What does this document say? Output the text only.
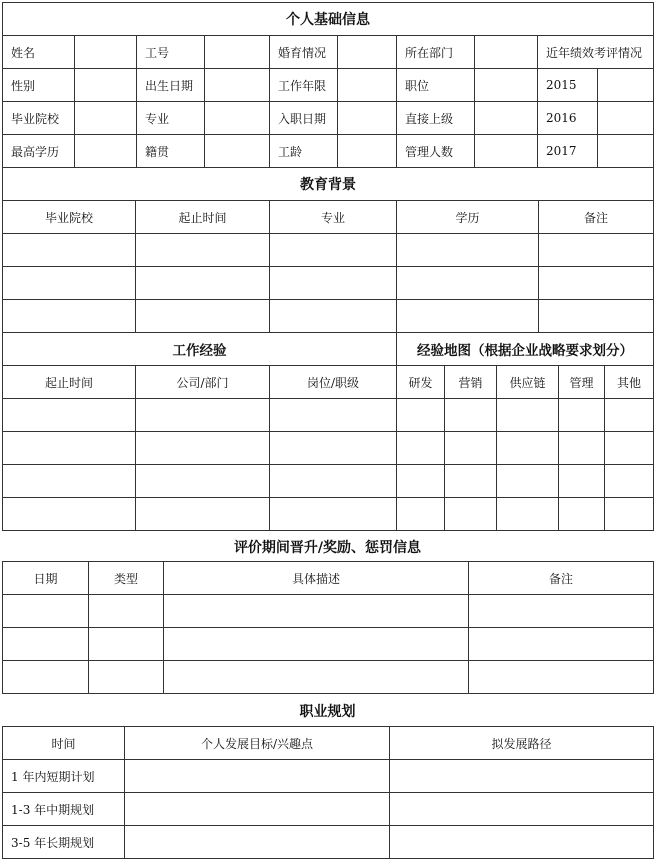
个人基础信息									
姓名		工号		婚育情况		所在部门		近年绩效考评情况	
性别		出生日期		工作年限		职位		2015	
毕业院校		专业		入职日期		直接上级		2016	
最高学历		籍贯		工龄		管理人数		2017	
教育背景				
毕业院校	起止时间	专业	学历	备注

工作经验			经验地图（根据企业战略要求划分）				
起止时间	公司/部门	岗位/职级	研发	营销	供应链	管理	其他

评价期间晋升/奖励、惩罚信息
日期	类型	具体描述	备注

职业规划
时间	个人发展目标/兴趣点	拟发展路径
1 年内短期计划		
1-3 年中期规划		
3-5 年长期规划		
